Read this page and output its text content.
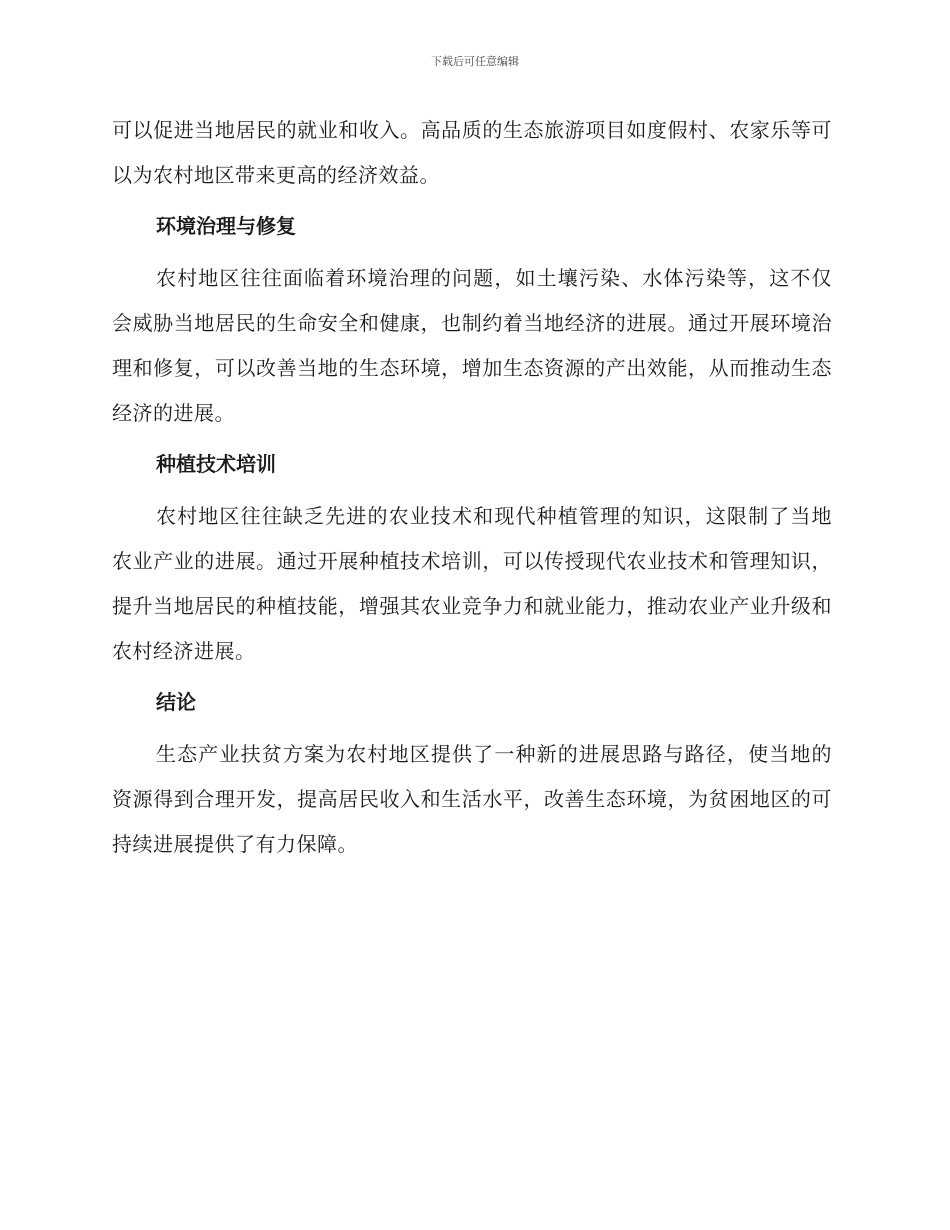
下载后可任意编辑

可以促进当地居民的就业和收入。高品质的生态旅游项目如度假村、农家乐等可以为农村地区带来更高的经济效益。

环境治理与修复

农村地区往往面临着环境治理的问题，如土壤污染、水体污染等，这不仅会威胁当地居民的生命安全和健康，也制约着当地经济的进展。通过开展环境治理和修复，可以改善当地的生态环境，增加生态资源的产出效能，从而推动生态经济的进展。

种植技术培训

农村地区往往缺乏先进的农业技术和现代种植管理的知识，这限制了当地农业产业的进展。通过开展种植技术培训，可以传授现代农业技术和管理知识，提升当地居民的种植技能，增强其农业竞争力和就业能力，推动农业产业升级和农村经济进展。

结论

生态产业扶贫方案为农村地区提供了一种新的进展思路与路径，使当地的资源得到合理开发，提高居民收入和生活水平，改善生态环境，为贫困地区的可持续进展提供了有力保障。
